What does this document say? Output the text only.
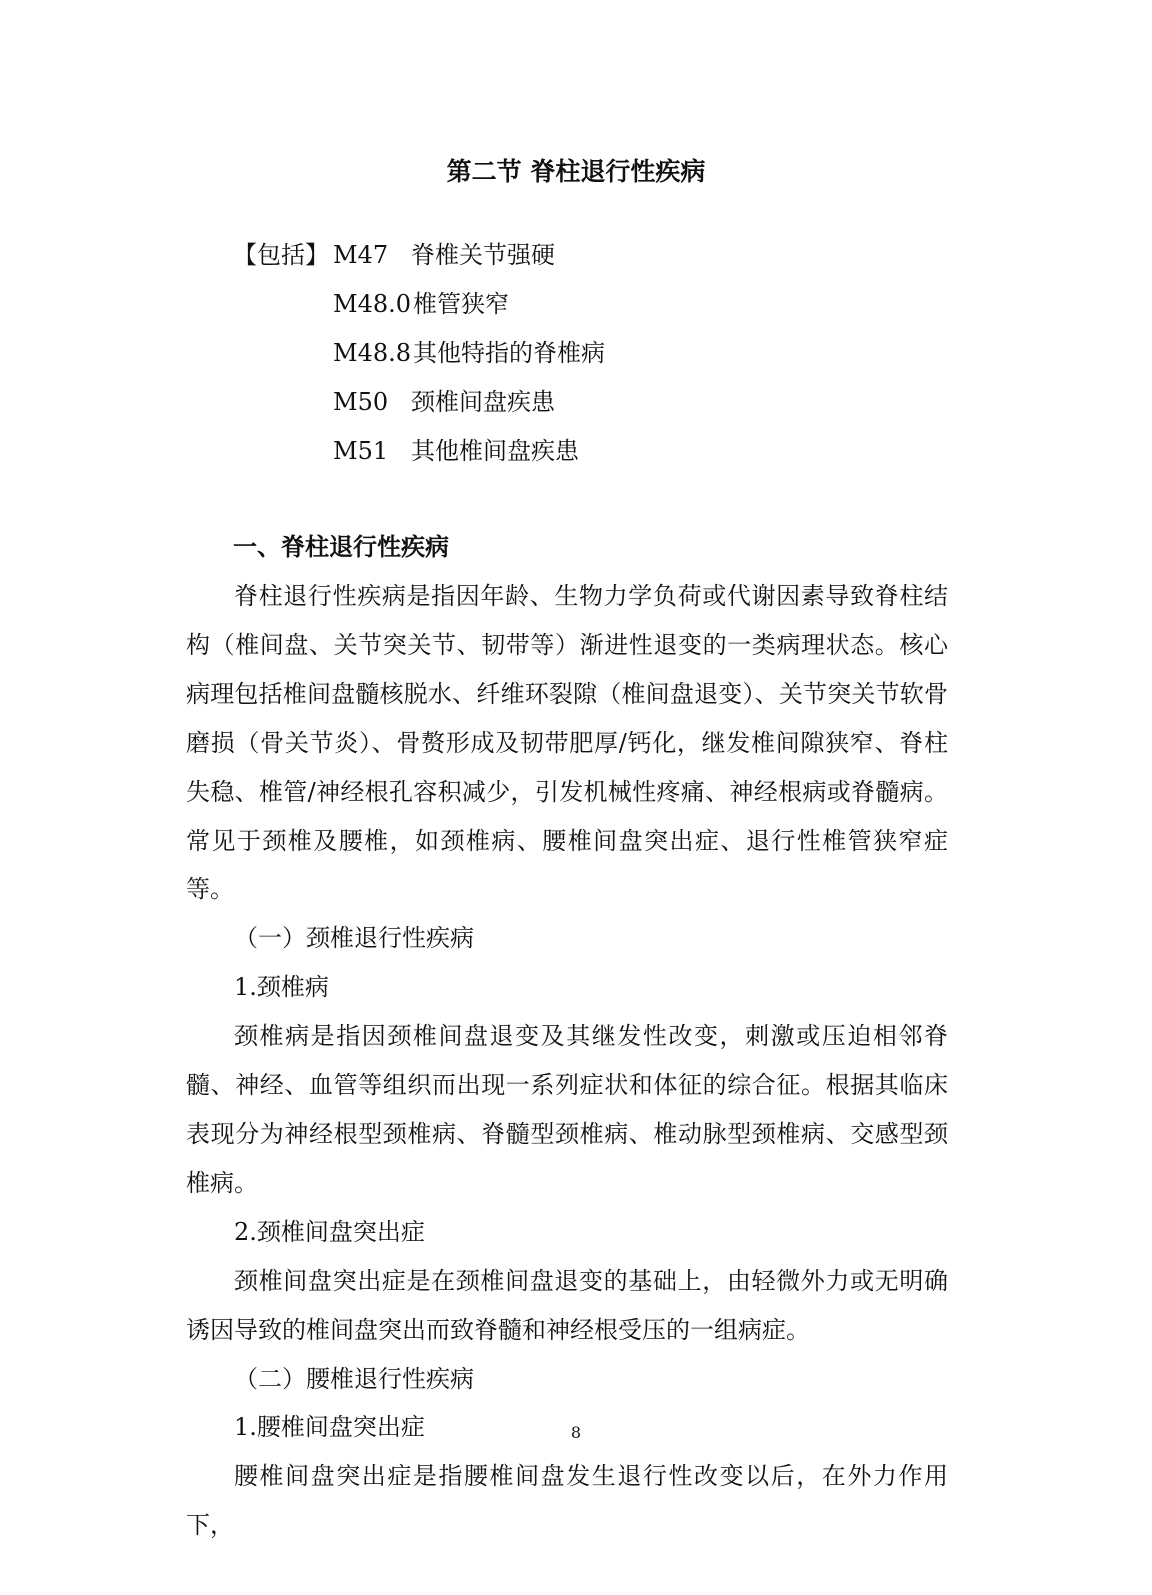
第二节 脊柱退行性疾病
【包括】 M47 脊椎关节强硬
M48.0 椎管狭窄
M48.8 其他特指的脊椎病
M50 颈椎间盘疾患
M51 其他椎间盘疾患
一、脊柱退行性疾病

脊柱退行性疾病是指因年龄、生物力学负荷或代谢因素导致脊柱结构（椎间盘、关节突关节、韧带等）渐进性退变的一类病理状态。核心病理包括椎间盘髓核脱水、纤维环裂隙（椎间盘退变）、关节突关节软骨磨损（骨关节炎）、骨赘形成及韧带肥厚/钙化，继发椎间隙狭窄、脊柱失稳、椎管/神经根孔容积减少，引发机械性疼痛、神经根病或脊髓病。常见于颈椎及腰椎，如颈椎病、腰椎间盘突出症、退行性椎管狭窄症等。

（一）颈椎退行性疾病

1.颈椎病

颈椎病是指因颈椎间盘退变及其继发性改变，刺激或压迫相邻脊髓、神经、血管等组织而出现一系列症状和体征的综合征。根据其临床表现分为神经根型颈椎病、脊髓型颈椎病、椎动脉型颈椎病、交感型颈椎病。

2.颈椎间盘突出症

颈椎间盘突出症是在颈椎间盘退变的基础上，由轻微外力或无明确诱因导致的椎间盘突出而致脊髓和神经根受压的一组病症。

（二）腰椎退行性疾病

1.腰椎间盘突出症

腰椎间盘突出症是指腰椎间盘发生退行性改变以后，在外力作用下，

8
